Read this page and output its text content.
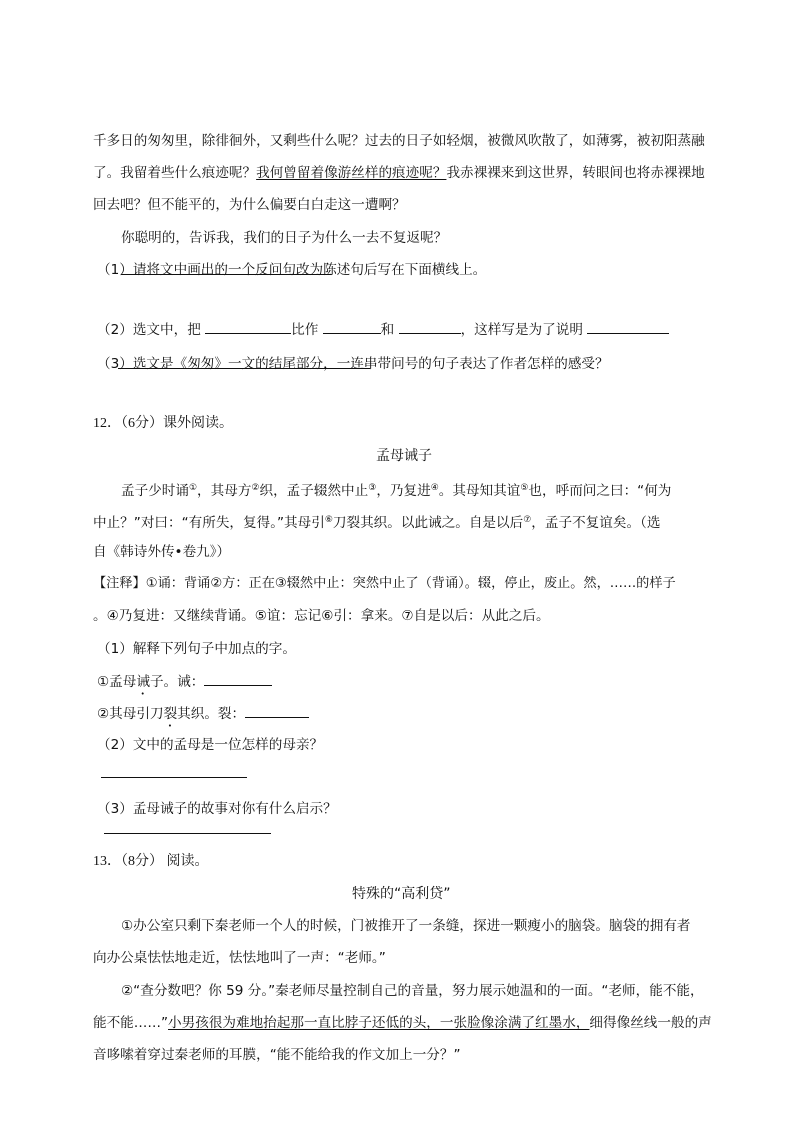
千多日的匆匆里，除徘徊外，又剩些什么呢？过去的日子如轻烟，被微风吹散了，如薄雾，被初阳蒸融
了。我留着些什么痕迹呢？我何曾留着像游丝样的痕迹呢？我赤裸裸来到这世界，转眼间也将赤裸裸地
回去吧？但不能平的，为什么偏要白白走这一遭啊？
你聪明的，告诉我，我们的日子为什么一去不复返呢？
（1）请将文中画出的一个反问句改为陈述句后写在下面横线上。
（2）选文中，把	比作	和	，这样写是为了说明
（3）选文是《匆匆》一文的结尾部分，一连串带问号的句子表达了作者怎样的感受？
12．（6分）课外阅读。
孟母诫子
孟子少时诵①，其母方②织，孟子辍然中止③，乃复进④。其母知其谊⑤也，呼而问之曰：“何为
中止？”对曰：“有所失，复得。”其母引⑥刀裂其织。以此诫之。自是以后⑦，孟子不复谊矣。（选
自《韩诗外传•卷九》）
【注释】①诵：背诵②方：正在③辍然中止：突然中止了（背诵）。辍，停止，废止。然，……的样子
。④乃复进：又继续背诵。⑤谊：忘记⑥引：拿来。⑦自是以后：从此之后。
（1）解释下列句子中加点的字。
①孟母诫子。诫：
②其母引刀裂其织。裂：
（2）文中的孟母是一位怎样的母亲？
（3）孟母诫子的故事对你有什么启示？
13．（8分） 阅读。
特殊的“高利贷”
①办公室只剩下秦老师一个人的时候，门被推开了一条缝，探进一颗瘦小的脑袋。脑袋的拥有者
向办公桌怯怯地走近，怯怯地叫了一声：“老师。”
②“查分数吧？你 59 分。”秦老师尽量控制自己的音量，努力展示她温和的一面。“老师，能不能，
能不能……”小男孩很为难地抬起那一直比脖子还低的头，一张脸像涂满了红墨水，细得像丝线一般的声
音哆嗦着穿过秦老师的耳膜，“能不能给我的作文加上一分？”
